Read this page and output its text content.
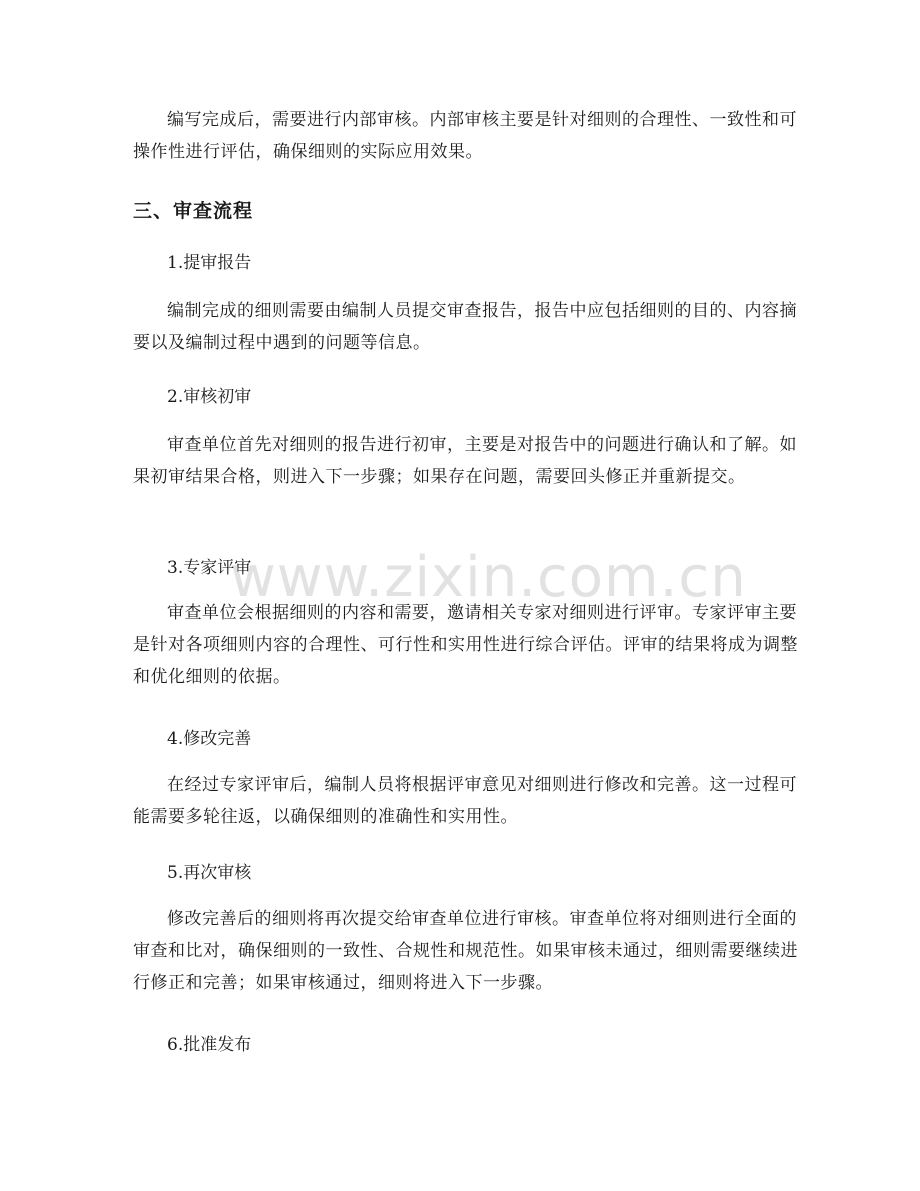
编写完成后，需要进行内部审核。内部审核主要是针对细则的合理性、一致性和可操作性进行评估，确保细则的实际应用效果。

三、审查流程

1.提审报告

编制完成的细则需要由编制人员提交审查报告，报告中应包括细则的目的、内容摘要以及编制过程中遇到的问题等信息。

2.审核初审

审查单位首先对细则的报告进行初审，主要是对报告中的问题进行确认和了解。如果初审结果合格，则进入下一步骤；如果存在问题，需要回头修正并重新提交。

3.专家评审

审查单位会根据细则的内容和需要，邀请相关专家对细则进行评审。专家评审主要是针对各项细则内容的合理性、可行性和实用性进行综合评估。评审的结果将成为调整和优化细则的依据。

4.修改完善

在经过专家评审后，编制人员将根据评审意见对细则进行修改和完善。这一过程可能需要多轮往返，以确保细则的准确性和实用性。

5.再次审核

修改完善后的细则将再次提交给审查单位进行审核。审查单位将对细则进行全面的审查和比对，确保细则的一致性、合规性和规范性。如果审核未通过，细则需要继续进行修正和完善；如果审核通过，细则将进入下一步骤。

6.批准发布

www.zixin.com.cn
